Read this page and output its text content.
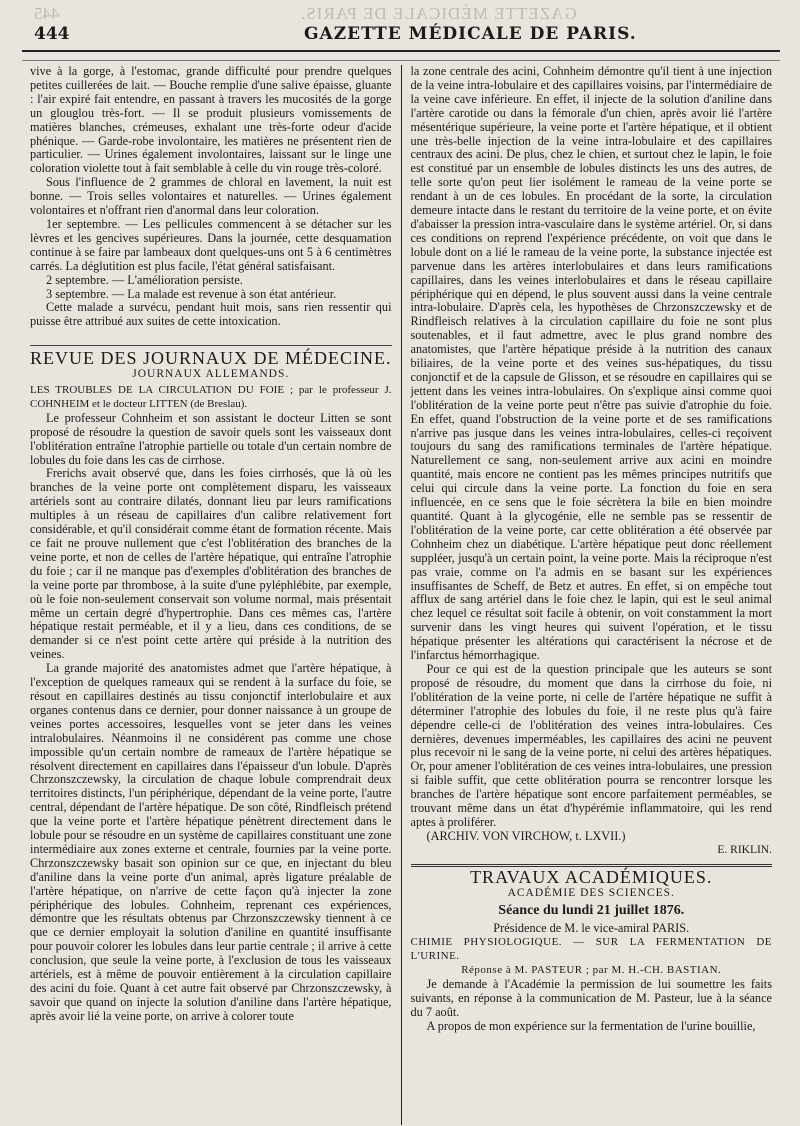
445	GAZETTE MÉDICALE DE PARIS.
444	GAZETTE MÉDICALE DE PARIS.

vive à la gorge, à l'estomac, grande difficulté pour prendre quelques petites cuillerées de lait. — Bouche remplie d'une salive épaisse, gluante : l'air expiré fait entendre, en passant à travers les mucosités de la gorge un glouglou très-fort. — Il se produit plusieurs vomissements de matières blanches, crémeuses, exhalant une très-forte odeur d'acide phénique. — Garde-robe involontaire, les matières ne présentent rien de particulier. — Urines également involontaires, laissant sur le linge une coloration violette tout à fait semblable à celle du vin rouge très-coloré.

Sous l'influence de 2 grammes de chloral en lavement, la nuit est bonne. — Trois selles volontaires et naturelles. — Urines également volontaires et n'offrant rien d'anormal dans leur coloration.

1er septembre. — Les pellicules commencent à se détacher sur les lèvres et les gencives supérieures. Dans la journée, cette desquamation continue à se faire par lambeaux dont quelques-uns ont 5 à 6 centimètres carrés. La déglutition est plus facile, l'état général satisfaisant.

2 septembre. — L'amélioration persiste.

3 septembre. — La malade est revenue à son état antérieur.

Cette malade a survécu, pendant huit mois, sans rien ressentir qui puisse être attribué aux suites de cette intoxication.

REVUE DES JOURNAUX DE MÉDECINE.
JOURNAUX ALLEMANDS.

LES TROUBLES DE LA CIRCULATION DU FOIE ; par le professeur J. COHNHEIM et le docteur LITTEN (de Breslau).

Le professeur Cohnheim et son assistant le docteur Litten se sont proposé de résoudre la question de savoir quels sont les vaisseaux dont l'oblitération entraîne l'atrophie partielle ou totale d'un certain nombre de lobules du foie dans les cas de cirrhose.

Frerichs avait observé que, dans les foies cirrhosés, que là où les branches de la veine porte ont complètement disparu, les vaisseaux artériels sont au contraire dilatés, donnant lieu par leurs ramifications multiples à un réseau de capillaires d'un calibre relativement fort considérable, et qu'il considérait comme étant de formation récente. Mais ce fait ne prouve nullement que c'est l'oblitération des branches de la veine porte, et non de celles de l'artère hépatique, qui entraîne l'atrophie du foie ; car il ne manque pas d'exemples d'oblitération des branches de la veine porte par thrombose, à la suite d'une pyléphlébite, par exemple, où le foie non-seulement conservait son volume normal, mais présentait même un certain degré d'hypertrophie. Dans ces mêmes cas, l'artère hépatique restait perméable, et il y a lieu, dans ces conditions, de se demander si ce n'est point cette artère qui préside à la nutrition des veines.

La grande majorité des anatomistes admet que l'artère hépatique, à l'exception de quelques rameaux qui se rendent à la surface du foie, se résout en capillaires destinés au tissu conjonctif interlobulaire et aux organes contenus dans ce dernier, pour donner naissance à un groupe de veines portes accessoires, lesquelles vont se jeter dans les veines intralobulaires. Néanmoins il ne considérent pas comme une chose impossible qu'un certain nombre de rameaux de l'artère hépatique se résolvent directement en capillaires dans l'épaisseur d'un lobule. D'après Chrzonszczewsky, la circulation de chaque lobule comprendrait deux territoires distincts, l'un périphérique, dépendant de la veine porte, l'autre central, dépendant de l'artère hépatique. De son côté, Rindfleisch prétend que la veine porte et l'artère hépatique pénètrent directement dans le lobule pour se résoudre en un système de capillaires constituant une zone intermédiaire aux zones externe et centrale, fournies par la veine porte. Chrzonszczewsky basait son opinion sur ce que, en injectant du bleu d'aniline dans la veine porte d'un animal, après ligature préalable de l'artère hépatique, on n'arrive de cette façon qu'à injecter la zone périphérique des lobules. Cohnheim, reprenant ces expériences, démontre que les résultats obtenus par Chrzonszczewsky tiennent à ce que ce dernier employait la solution d'aniline en quantité insuffisante pour pouvoir colorer les lobules dans leur partie centrale ; il arrive à cette conclusion, que seule la veine porte, à l'exclusion de tous les vaisseaux artériels, est à même de pouvoir entièrement à la circulation capillaire des acini du foie. Quant à cet autre fait observé par Chrzonszczewsky, à savoir que quand on injecte la solution d'aniline dans l'artère hépatique, après avoir lié la veine porte, on arrive à colorer toute

la zone centrale des acini, Cohnheim démontre qu'il tient à une injection de la veine intra-lobulaire et des capillaires voisins, par l'intermédiaire de la veine cave inférieure. En effet, il injecte de la solution d'aniline dans l'artère carotide ou dans la fémorale d'un chien, après avoir lié l'artère mésentérique supérieure, la veine porte et l'artère hépatique, et il obtient une très-belle injection de la veine intra-lobulaire et des capillaires centraux des acini. De plus, chez le chien, et surtout chez le lapin, le foie est constitué par un ensemble de lobules distincts les uns des autres, de telle sorte qu'on peut lier isolément le rameau de la veine porte se rendant à un de ces lobules. En procédant de la sorte, la circulation demeure intacte dans le restant du territoire de la veine porte, et on évite d'abaisser la pression intra-vasculaire dans le système artériel. Or, si dans ces conditions on reprend l'expérience précédente, on voit que dans le lobule dont on a lié le rameau de la veine porte, la substance injectée est parvenue dans les artères interlobulaires et dans leurs ramifications capillaires, dans les veines interlobulaires et dans le réseau capillaire périphérique qui en dépend, le plus souvent aussi dans la veine centrale intra-lobulaire. D'après cela, les hypothèses de Chrzonszczewsky et de Rindfleisch relatives à la circulation capillaire du foie ne sont plus soutenables, et il faut admettre, avec le plus grand nombre des anatomistes, que l'artère hépatique préside à la nutrition des canaux biliaires, de la veine porte et des veines sus-hépatiques, du tissu conjonctif et de la capsule de Glisson, et se résoudre en capillaires qui se jettent dans les veines intra-lobulaires. On s'explique ainsi comme quoi l'oblitération de la veine porte peut n'être pas suivie d'atrophie du foie. En effet, quand l'obstruction de la veine porte et de ses ramifications n'arrive pas jusque dans les veines intra-lobulaires, celles-ci reçoivent toujours du sang des ramifications terminales de l'artère hépatique. Naturellement ce sang, non-seulement arrive aux acini en moindre quantité, mais encore ne contient pas les mêmes principes nutritifs que celui qui circule dans la veine porte. La fonction du foie en sera influencée, en ce sens que le foie sécrètera la bile en bien moindre quantité. Quant à la glycogénie, elle ne semble pas se ressentir de l'oblitération de la veine porte, car cette oblitération a été observée par Cohnheim chez un diabétique. L'artère hépatique peut donc réellement suppléer, jusqu'à un certain point, la veine porte. Mais la réciproque n'est pas vraie, comme on l'a admis en se basant sur les expériences insuffisantes de Scheff, de Betz et autres. En effet, si on empêche tout afflux de sang artériel dans le foie chez le lapin, qui est le seul animal chez lequel ce résultat soit facile à obtenir, on voit constamment la mort survenir dans les vingt heures qui suivent l'opération, et le tissu hépatique présenter les altérations qui caractérisent la nécrose et de l'infarctus hémorrhagique.

Pour ce qui est de la question principale que les auteurs se sont proposé de résoudre, du moment que dans la cirrhose du foie, ni l'oblitération de la veine porte, ni celle de l'artère hépatique ne suffit à déterminer l'atrophie des lobules du foie, il ne reste plus qu'à faire dépendre celle-ci de l'oblitération des veines intra-lobulaires. Ces dernières, devenues imperméables, les capillaires des acini ne peuvent plus recevoir ni le sang de la veine porte, ni celui des artères hépatiques. Or, pour amener l'oblitération de ces veines intra-lobulaires, une pression si faible suffit, que cette oblitération pourra se rencontrer lorsque les branches de l'artère hépatique sont encore parfaitement perméables, se trouvant même dans un état d'hypérémie inflammatoire, qui les rend aptes à proliférer.

(ARCHIV. VON VIRCHOW, t. LXVII.)

E. RIKLIN.

TRAVAUX ACADÉMIQUES.
ACADÉMIE DES SCIENCES.
Séance du lundi 21 juillet 1876.

Présidence de M. le vice-amiral PARIS.

CHIMIE PHYSIOLOGIQUE. — SUR LA FERMENTATION DE L'URINE.

Réponse à M. PASTEUR ; par M. H.-CH. BASTIAN.

Je demande à l'Académie la permission de lui soumettre les faits suivants, en réponse à la communication de M. Pasteur, lue à la séance du 7 août.

A propos de mon expérience sur la fermentation de l'urine bouillie,
